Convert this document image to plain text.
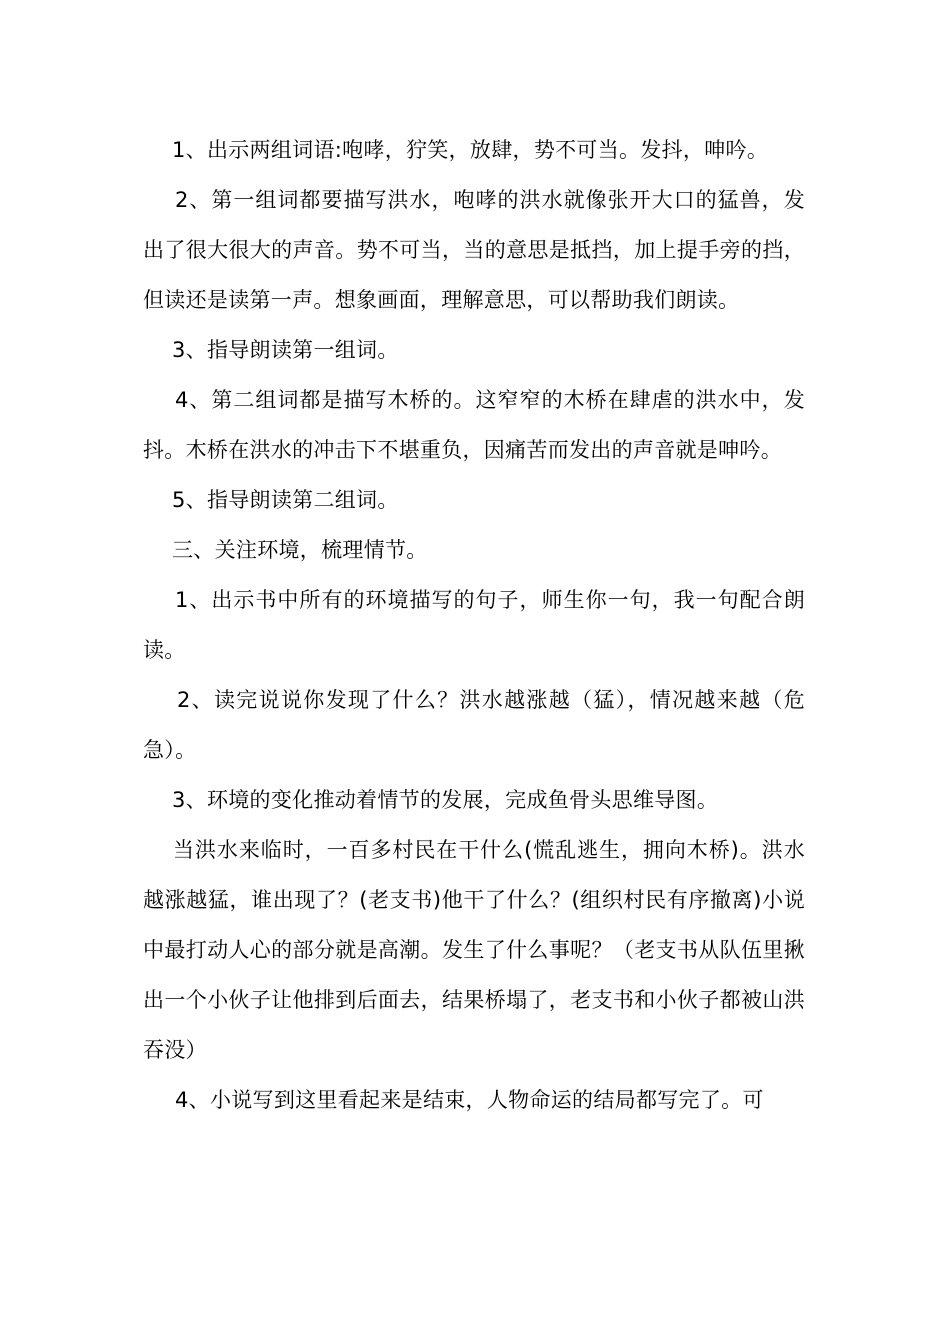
1、出示两组词语:咆哮，狞笑，放肆，势不可当。发抖，呻吟。

2、第一组词都要描写洪水，咆哮的洪水就像张开大口的猛兽，发出了很大很大的声音。势不可当，当的意思是抵挡，加上提手旁的挡，但读还是读第一声。想象画面，理解意思，可以帮助我们朗读。

3、指导朗读第一组词。

4、第二组词都是描写木桥的。这窄窄的木桥在肆虐的洪水中，发抖。木桥在洪水的冲击下不堪重负，因痛苦而发出的声音就是呻吟。

5、指导朗读第二组词。

三、关注环境，梳理情节。

1、出示书中所有的环境描写的句子，师生你一句，我一句配合朗读。

2、读完说说你发现了什么？洪水越涨越（猛），情况越来越（危急）。

3、环境的变化推动着情节的发展，完成鱼骨头思维导图。

当洪水来临时，一百多村民在干什么(慌乱逃生，拥向木桥)。洪水越涨越猛，谁出现了？(老支书)他干了什么？(组织村民有序撤离)小说中最打动人心的部分就是高潮。发生了什么事呢？（老支书从队伍里揪出一个小伙子让他排到后面去，结果桥塌了，老支书和小伙子都被山洪吞没）

4、小说写到这里看起来是结束，人物命运的结局都写完了。可
